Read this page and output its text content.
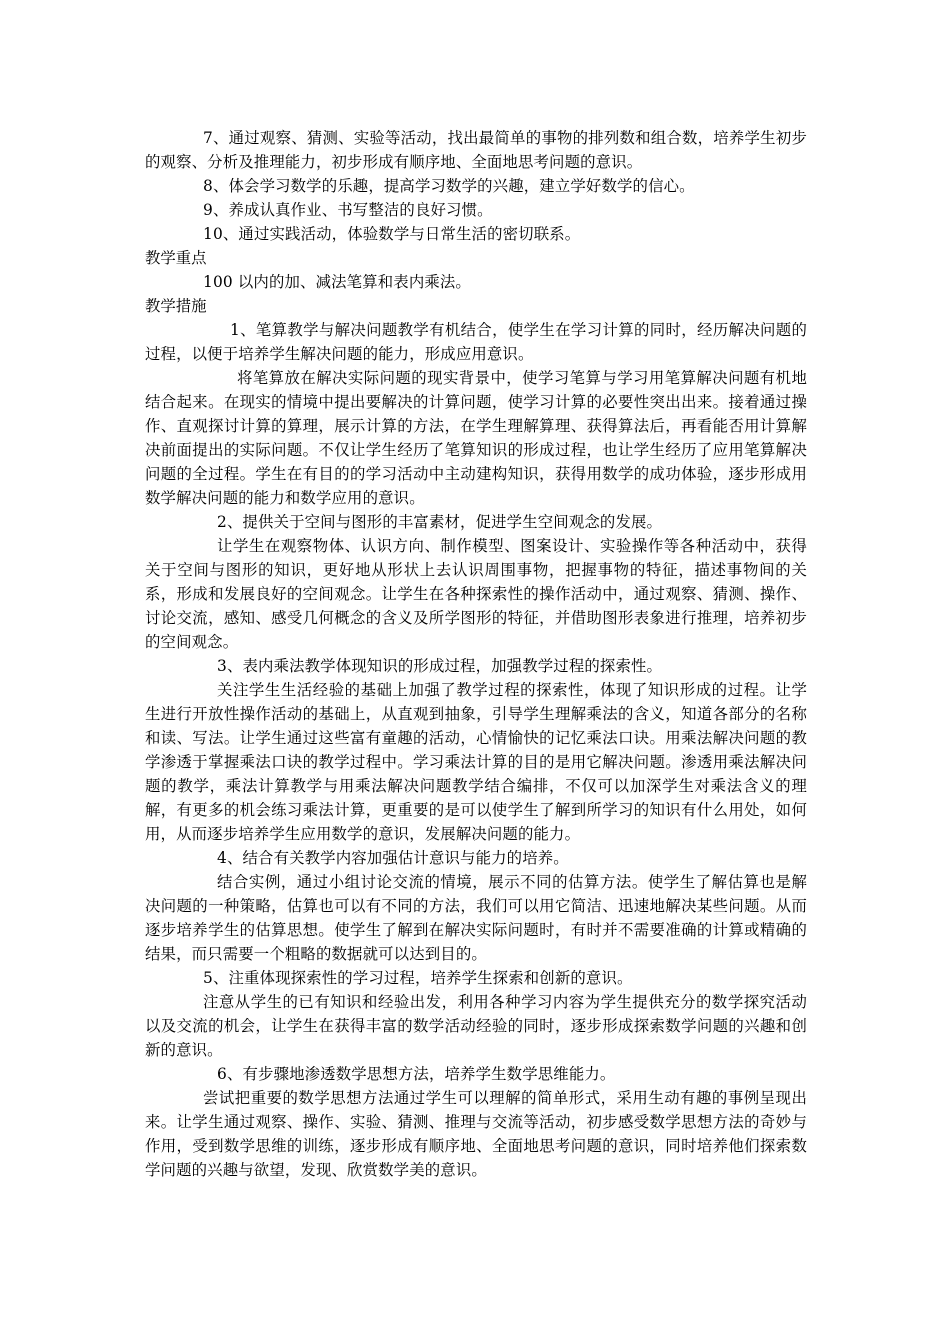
7、通过观察、猜测、实验等活动，找出最简单的事物的排列数和组合数，培养学生初步的观察、分析及推理能力，初步形成有顺序地、全面地思考问题的意识。

8、体会学习数学的乐趣，提高学习数学的兴趣，建立学好数学的信心。

9、养成认真作业、书写整洁的良好习惯。

10、通过实践活动，体验数学与日常生活的密切联系。

教学重点

100 以内的加、减法笔算和表内乘法。

教学措施

1、笔算教学与解决问题教学有机结合，使学生在学习计算的同时，经历解决问题的过程，以便于培养学生解决问题的能力，形成应用意识。

将笔算放在解决实际问题的现实背景中，使学习笔算与学习用笔算解决问题有机地结合起来。在现实的情境中提出要解决的计算问题，使学习计算的必要性突出出来。接着通过操作、直观探讨计算的算理，展示计算的方法，在学生理解算理、获得算法后，再看能否用计算解决前面提出的实际问题。不仅让学生经历了笔算知识的形成过程，也让学生经历了应用笔算解决问题的全过程。学生在有目的的学习活动中主动建构知识，获得用数学的成功体验，逐步形成用数学解决问题的能力和数学应用的意识。

2、提供关于空间与图形的丰富素材，促进学生空间观念的发展。

让学生在观察物体、认识方向、制作模型、图案设计、实验操作等各种活动中，获得关于空间与图形的知识，更好地从形状上去认识周围事物，把握事物的特征，描述事物间的关系，形成和发展良好的空间观念。让学生在各种探索性的操作活动中，通过观察、猜测、操作、讨论交流，感知、感受几何概念的含义及所学图形的特征，并借助图形表象进行推理，培养初步的空间观念。

3、表内乘法教学体现知识的形成过程，加强教学过程的探索性。

关注学生生活经验的基础上加强了教学过程的探索性，体现了知识形成的过程。让学生进行开放性操作活动的基础上，从直观到抽象，引导学生理解乘法的含义，知道各部分的名称和读、写法。让学生通过这些富有童趣的活动，心情愉快的记忆乘法口诀。用乘法解决问题的教学渗透于掌握乘法口诀的教学过程中。学习乘法计算的目的是用它解决问题。渗透用乘法解决问题的教学，乘法计算教学与用乘法解决问题教学结合编排，不仅可以加深学生对乘法含义的理解，有更多的机会练习乘法计算，更重要的是可以使学生了解到所学习的知识有什么用处，如何用，从而逐步培养学生应用数学的意识，发展解决问题的能力。

4、结合有关教学内容加强估计意识与能力的培养。

结合实例，通过小组讨论交流的情境，展示不同的估算方法。使学生了解估算也是解决问题的一种策略，估算也可以有不同的方法，我们可以用它简洁、迅速地解决某些问题。从而逐步培养学生的估算思想。使学生了解到在解决实际问题时，有时并不需要准确的计算或精确的结果，而只需要一个粗略的数据就可以达到目的。

5、注重体现探索性的学习过程，培养学生探索和创新的意识。

注意从学生的已有知识和经验出发，利用各种学习内容为学生提供充分的数学探究活动以及交流的机会，让学生在获得丰富的数学活动经验的同时，逐步形成探索数学问题的兴趣和创新的意识。

6、有步骤地渗透数学思想方法，培养学生数学思维能力。

尝试把重要的数学思想方法通过学生可以理解的简单形式，采用生动有趣的事例呈现出来。让学生通过观察、操作、实验、猜测、推理与交流等活动，初步感受数学思想方法的奇妙与作用，受到数学思维的训练，逐步形成有顺序地、全面地思考问题的意识，同时培养他们探索数学问题的兴趣与欲望，发现、欣赏数学美的意识。
